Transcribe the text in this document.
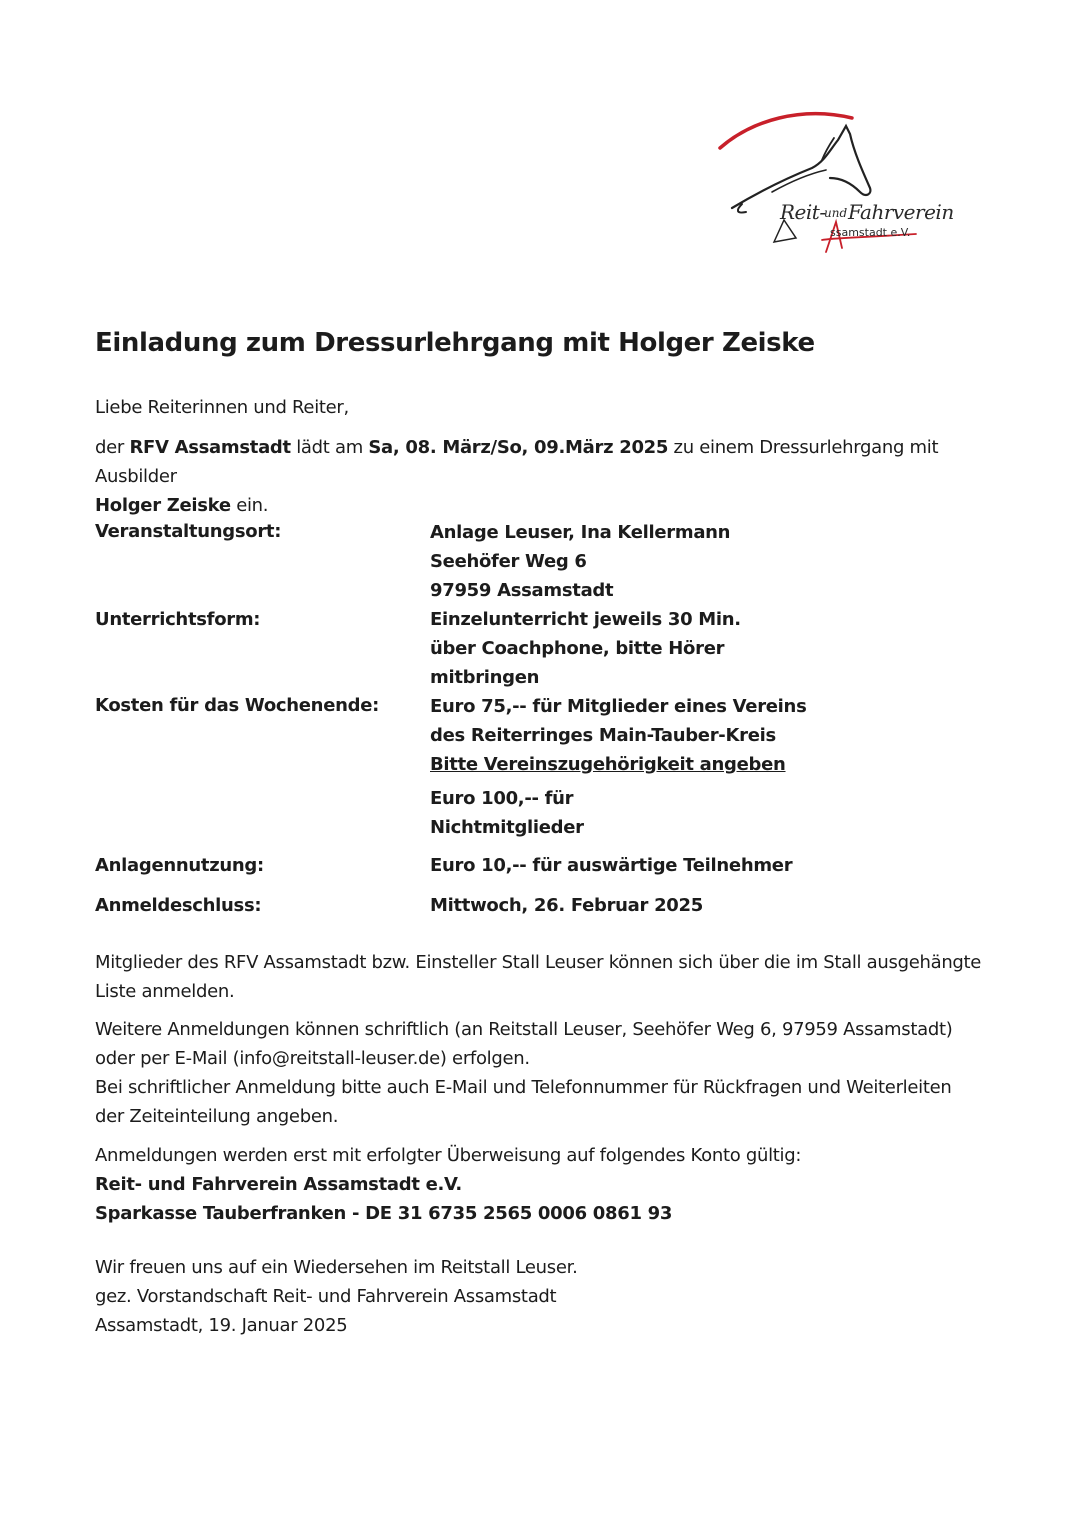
Reit-
und Fahrverein
ssamstadt e.V.
Einladung zum Dressurlehrgang mit Holger Zeiske
Liebe Reiterinnen und Reiter,
der RFV Assamstadt lädt am Sa, 08. März/So, 09.März 2025 zu einem Dressurlehrgang mit Ausbilder
Holger Zeiske ein.
Veranstaltungsort:	Anlage Leuser, Ina Kellermann
Seehöfer Weg 6
97959 Assamstadt
Unterrichtsform:	Einzelunterricht jeweils 30 Min.
über Coachphone, bitte Hörer
mitbringen
Kosten für das Wochenende:	Euro 75,-- für Mitglieder eines Vereins
des Reiterringes Main-Tauber-Kreis
Bitte Vereinszugehörigkeit angeben
Euro 100,-- für
Nichtmitglieder
Anlagennutzung:	Euro 10,-- für auswärtige Teilnehmer
Anmeldeschluss:	Mittwoch, 26. Februar 2025
Mitglieder des RFV Assamstadt bzw. Einsteller Stall Leuser können sich über die im Stall ausgehängte
Liste anmelden.
Weitere Anmeldungen können schriftlich (an Reitstall Leuser, Seehöfer Weg 6, 97959 Assamstadt)
oder per E-Mail (info@reitstall-leuser.de) erfolgen.
Bei schriftlicher Anmeldung bitte auch E-Mail und Telefonnummer für Rückfragen und Weiterleiten
der Zeiteinteilung angeben.
Anmeldungen werden erst mit erfolgter Überweisung auf folgendes Konto gültig:
Reit- und Fahrverein Assamstadt e.V.
Sparkasse Tauberfranken - DE 31 6735 2565 0006 0861 93
Wir freuen uns auf ein Wiedersehen im Reitstall Leuser.
gez. Vorstandschaft Reit- und Fahrverein Assamstadt
Assamstadt, 19. Januar 2025
